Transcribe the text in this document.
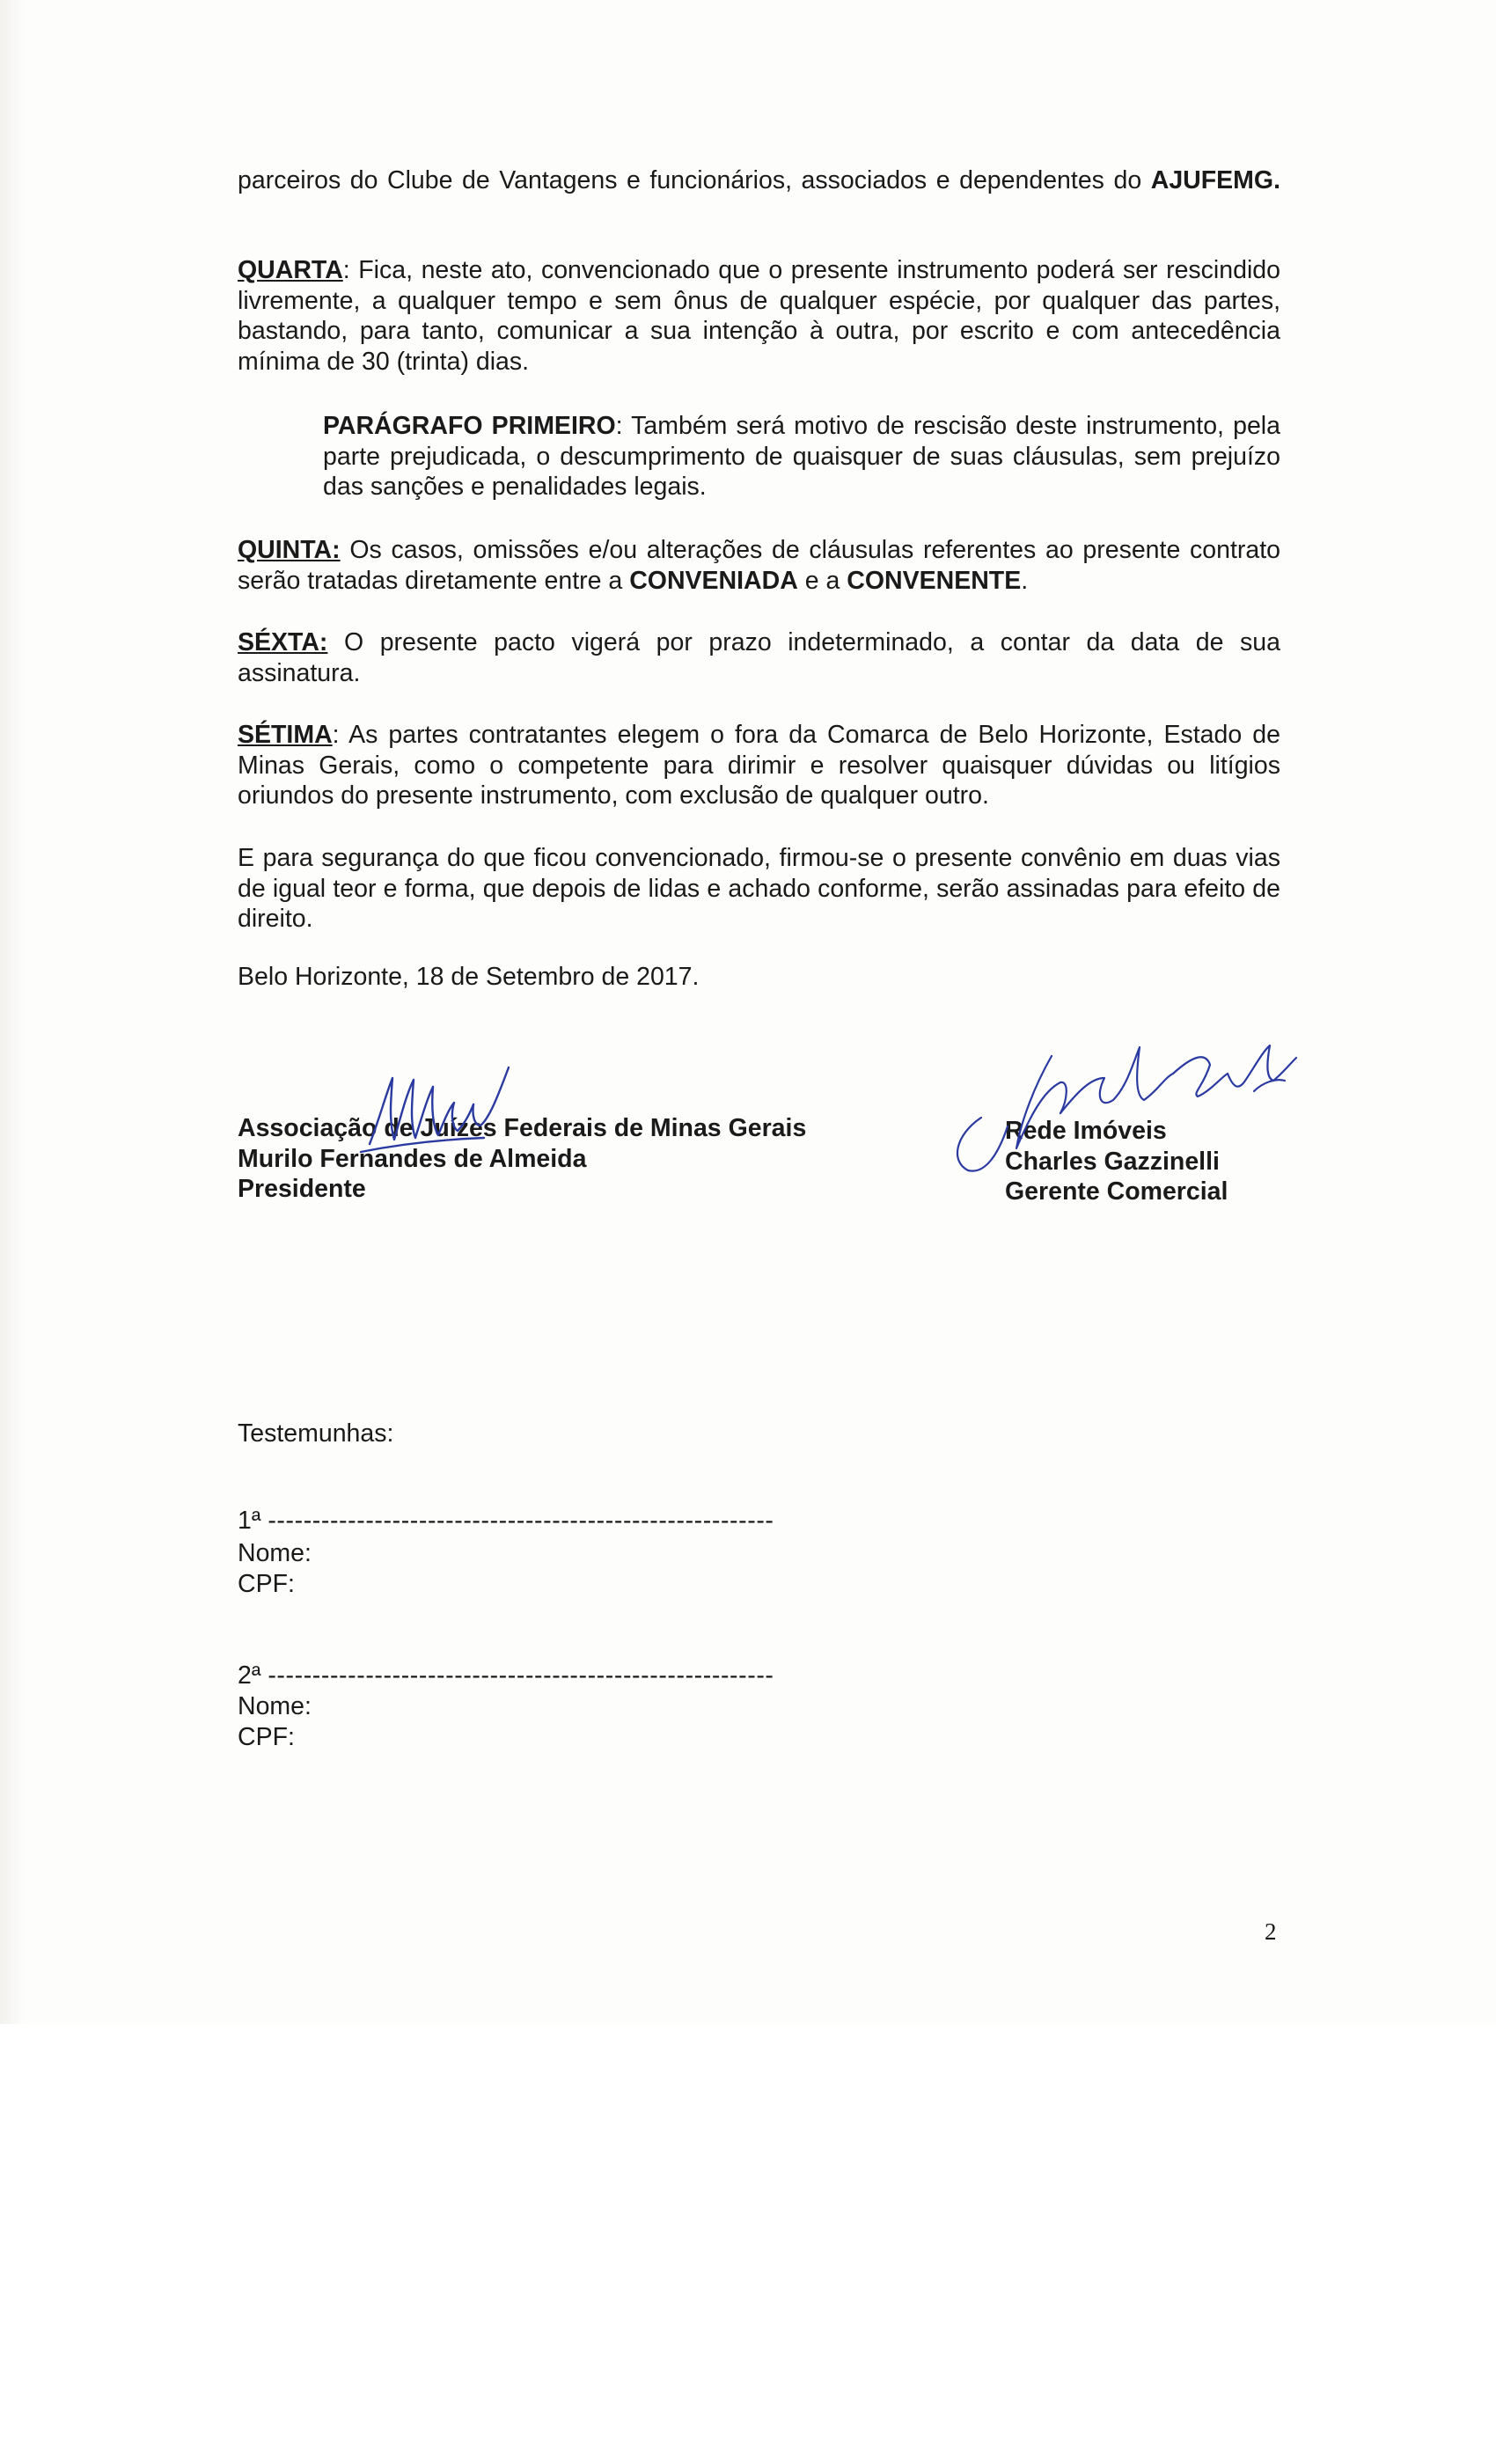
parceiros do Clube de Vantagens e funcionários, associados e dependentes do AJUFEMG.

QUARTA: Fica, neste ato, convencionado que o presente instrumento poderá ser rescindido livremente, a qualquer tempo e sem ônus de qualquer espécie, por qualquer das partes, bastando, para tanto, comunicar a sua intenção à outra, por escrito e com antecedência mínima de 30 (trinta) dias.

PARÁGRAFO PRIMEIRO: Também será motivo de rescisão deste instrumento, pela parte prejudicada, o descumprimento de quaisquer de suas cláusulas, sem prejuízo das sanções e penalidades legais.

QUINTA: Os casos, omissões e/ou alterações de cláusulas referentes ao presente contrato serão tratadas diretamente entre a CONVENIADA e a CONVENENTE.

SÉXTA: O presente pacto vigerá por prazo indeterminado, a contar da data de sua assinatura.

SÉTIMA: As partes contratantes elegem o fora da Comarca de Belo Horizonte, Estado de Minas Gerais, como o competente para dirimir e resolver quaisquer dúvidas ou litígios oriundos do presente instrumento, com exclusão de qualquer outro.

E para segurança do que ficou convencionado, firmou-se o presente convênio em duas vias de igual teor e forma, que depois de lidas e achado conforme, serão assinadas para efeito de direito.

Belo Horizonte, 18 de Setembro de 2017.
Associação de Juízes Federais de Minas Gerais
Murilo Fernandes de Almeida
Presidente
Rede Imóveis
Charles Gazzinelli
Gerente Comercial
Testemunhas:
1ª ---------------------------------------------------------
Nome:
CPF:
2ª ---------------------------------------------------------
Nome:
CPF:
2
